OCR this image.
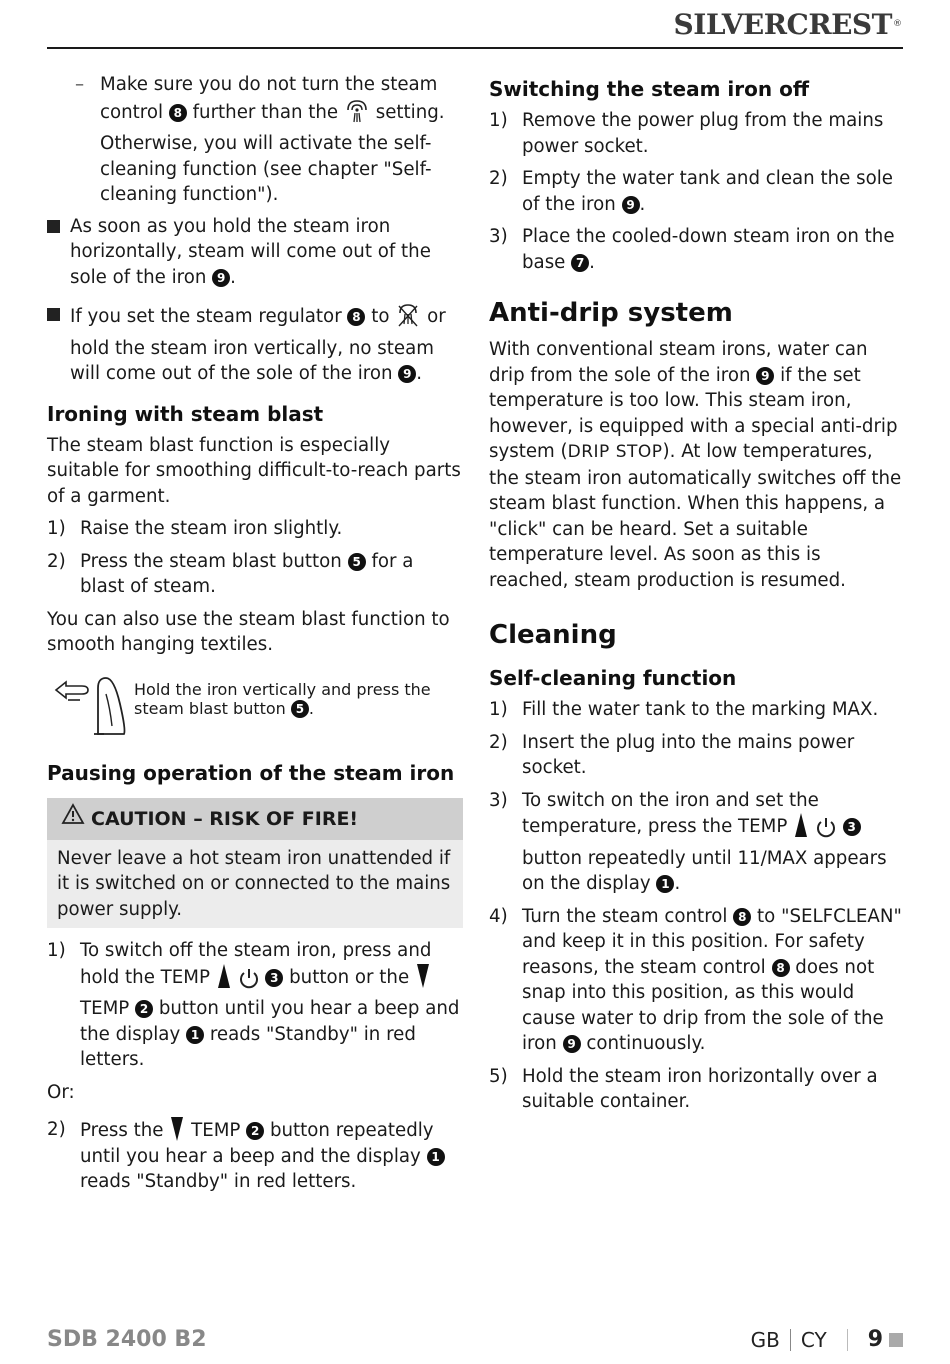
SILVERCREST ®
– Make sure you do not turn the steam control 8 further than the setting. Otherwise, you will activate the self-cleaning function (see chapter "Self-cleaning function").
As soon as you hold the steam iron horizontally, steam will come out of the sole of the iron 9 .
If you set the steam regulator 8 to or hold the steam iron vertically, no steam will come out of the sole of the iron 9 .
Ironing with steam blast

The steam blast function is especially suitable for smoothing difficult-to-reach parts of a garment.

1) Raise the steam iron slightly.
2) Press the steam blast button 5 for a blast of steam.

You can also use the steam blast function to smooth hanging textiles.

Hold the iron vertically and press the steam blast button 5 .
Pausing operation of the steam iron
CAUTION – RISK OF FIRE!
Never leave a hot steam iron unattended if it is switched on or connected to the mains power supply.
1) To switch off the steam iron, press and hold the TEMP	3 button or the  TEMP 2 button until you hear a beep and the display 1 reads "Standby" in red letters.

Or:

2) Press the TEMP 2 button repeatedly until you hear a beep and the display 1 reads "Standby" in red letters.
Switching the steam iron off
1) Remove the power plug from the mains power socket.
2) Empty the water tank and clean the sole of the iron 9 .
3) Place the cooled-down steam iron on the base 7 .
Anti-drip system

With conventional steam irons, water can drip from the sole of the iron 9 if the set temperature is too low. This steam iron, however, is equipped with a special anti-drip system (DRIP STOP). At low temperatures, the steam iron automatically switches off the steam blast function. When this happens, a "click" can be heard. Set a suitable temperature level. As soon as this is reached, steam production is resumed.

Cleaning
Self-cleaning function
1) Fill the water tank to the marking MAX.
2) Insert the plug into the mains power socket.
3) To switch on the iron and set the temperature, press the TEMP	3 button repeatedly until 11/MAX appears on the display 1 .
4) Turn the steam control 8 to "SELFCLEAN" and keep it in this position. For safety reasons, the steam control 8 does not snap into this position, as this would cause water to drip from the sole of the iron 9 continuously.
5) Hold the steam iron horizontally over a suitable container.
SDB 2400 B2	GB CY 9
